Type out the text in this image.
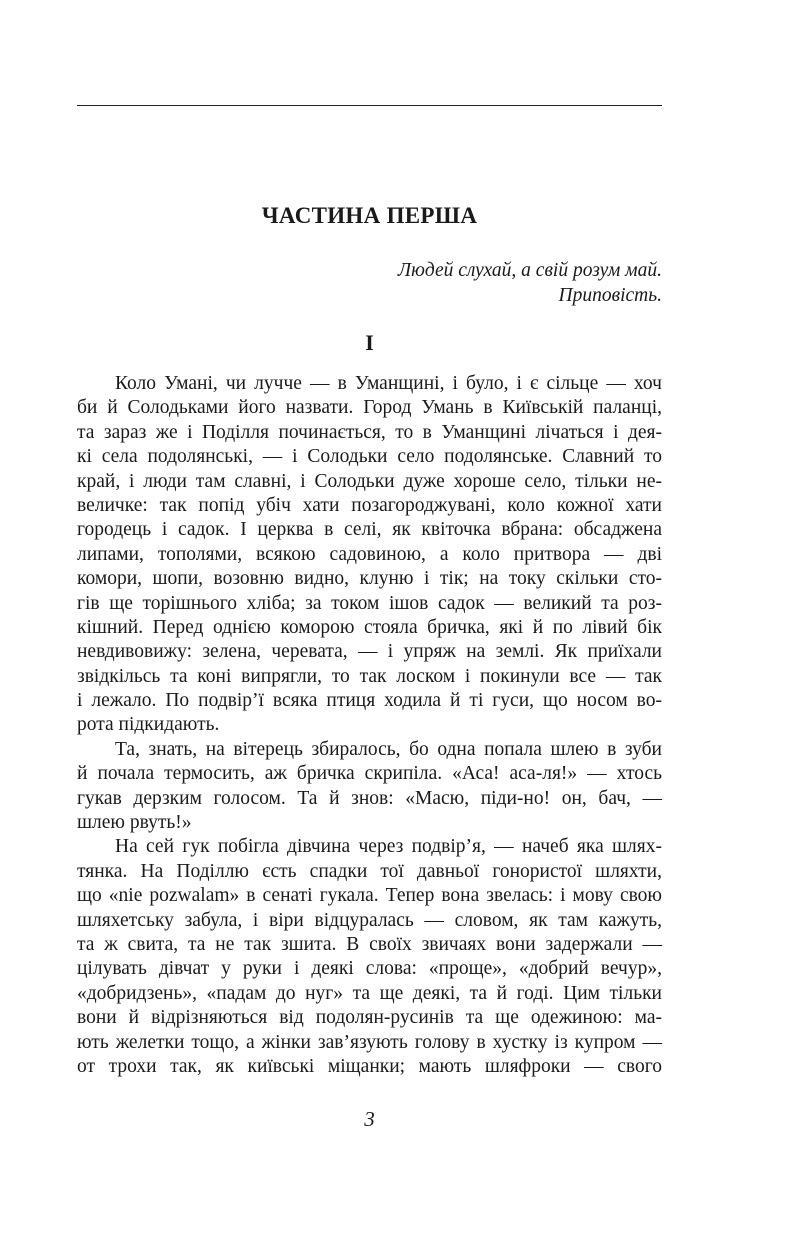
ЧАСТИНА ПЕРША
Людей слухай, а свій розум май.
Приповість.
I
Коло Умані, чи лучче — в Уманщині, і було, і є сільце — хоч
би й Солодьками його назвати. Город Умань в Київській паланці,
та зараз же і Поділля починається, то в Уманщині лічаться і дея-
кі села подолянські, — і Солодьки село подолянське. Славний то
край, і люди там славні, і Солодьки дуже хороше село, тільки не-
величке: так попід убіч хати позагороджувані, коло кожної хати
городець і садок. І церква в селі, як квіточка вбрана: обсаджена
липами, тополями, всякою садовиною, а коло притвора — дві
комори, шопи, возовню видно, клуню і тік; на току скільки сто-
гів ще торішнього хліба; за током ішов садок — великий та роз-
кішний. Перед однією коморою стояла бричка, які й по лівий бік
невдивовижу: зелена, черевата, — і упряж на землі. Як приїхали
звідкільсь та коні випрягли, то так лоском і покинули все — так
і лежало. По подвір’ї всяка птиця ходила й ті гуси, що носом во-
рота підкидають.
Та, знать, на вітерець збиралось, бо одна попала шлею в зуби
й почала термосить, аж бричка скрипіла. «Аса! аса-ля!» — хтось
гукав дерзким голосом. Та й знов: «Масю, піди-но! он, бач, —
шлею рвуть!»
На сей гук побігла дівчина через подвір’я, — начеб яка шлях-
тянка. На Поділлю єсть спадки тої давньої гонористої шляхти,
що «nie pozwalam» в сенаті гукала. Тепер вона звелась: і мову свою
шляхетську забула, і віри відцуралась — словом, як там кажуть,
та ж свита, та не так зшита. В своїх звичаях вони задержали —
цілувать дівчат у руки і деякі слова: «проще», «добрий вечур»,
«добридзень», «падам до нуг» та ще деякі, та й годі. Цим тільки
вони й відрізняються від подолян-русинів та ще одежиною: ма-
ють желетки тощо, а жінки зав’язують голову в хустку із купром —
от трохи так, як київські міщанки; мають шляфроки — свого
3
